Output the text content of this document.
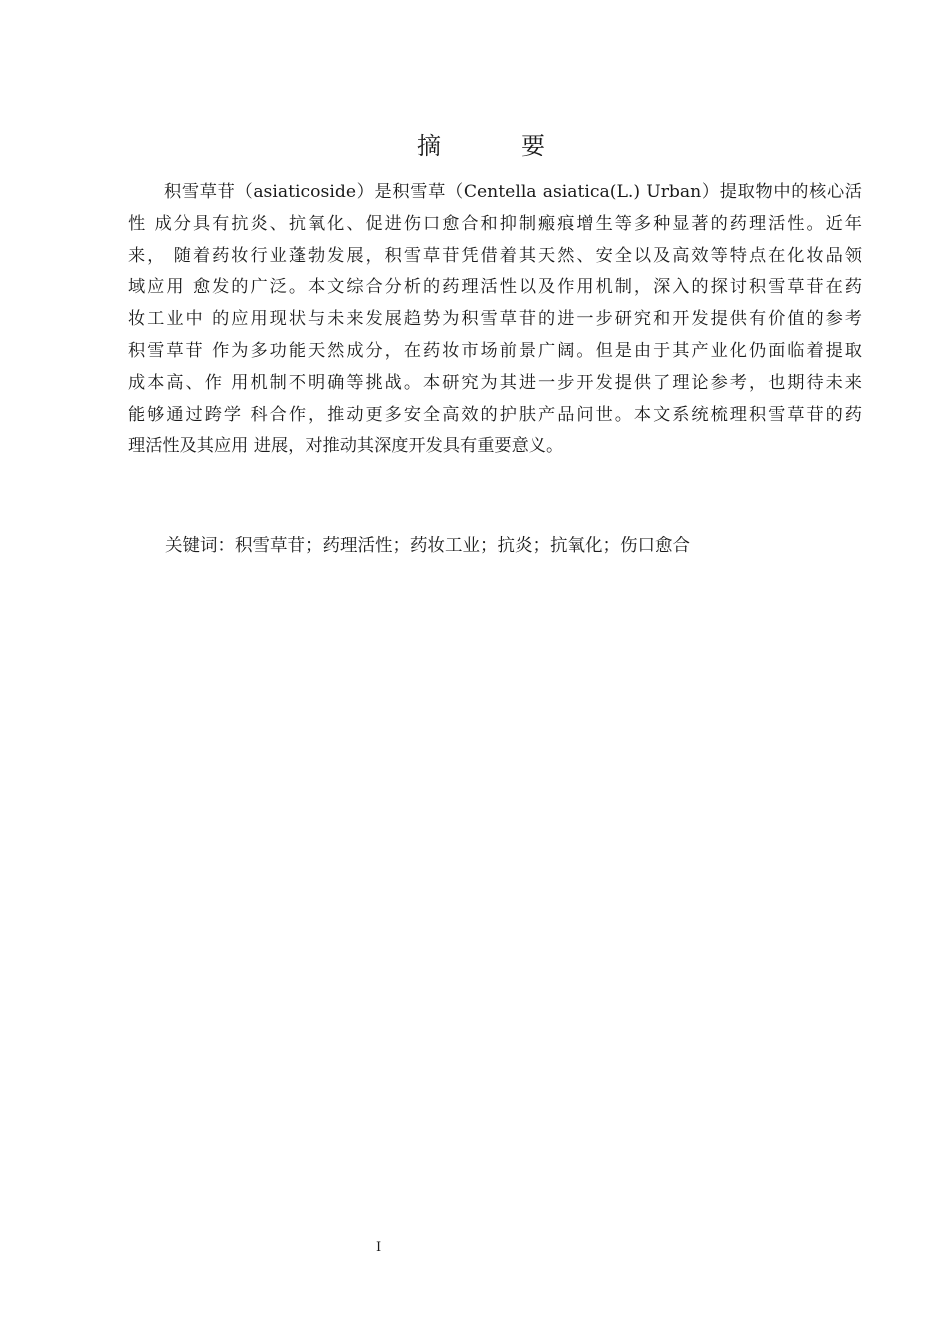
摘　要
积雪草苷（asiaticoside）是积雪草（Centella asiatica(L.) Urban）提取物中的核心活
性 成分具有抗炎、抗氧化、促进伤口愈合和抑制瘢痕增生等多种显著的药理活性。近年
来， 随着药妆行业蓬勃发展，积雪草苷凭借着其天然、安全以及高效等特点在化妆品领
域应用 愈发的广泛。本文综合分析的药理活性以及作用机制，深入的探讨积雪草苷在药
妆工业中 的应用现状与未来发展趋势为积雪草苷的进一步研究和开发提供有价值的参考
积雪草苷 作为多功能天然成分，在药妆市场前景广阔。但是由于其产业化仍面临着提取
成本高、作 用机制不明确等挑战。本研究为其进一步开发提供了理论参考，也期待未来
能够通过跨学 科合作，推动更多安全高效的护肤产品问世。本文系统梳理积雪草苷的药
理活性及其应用 进展，对推动其深度开发具有重要意义。
关键词：积雪草苷；药理活性；药妆工业；抗炎；抗氧化；伤口愈合
I
